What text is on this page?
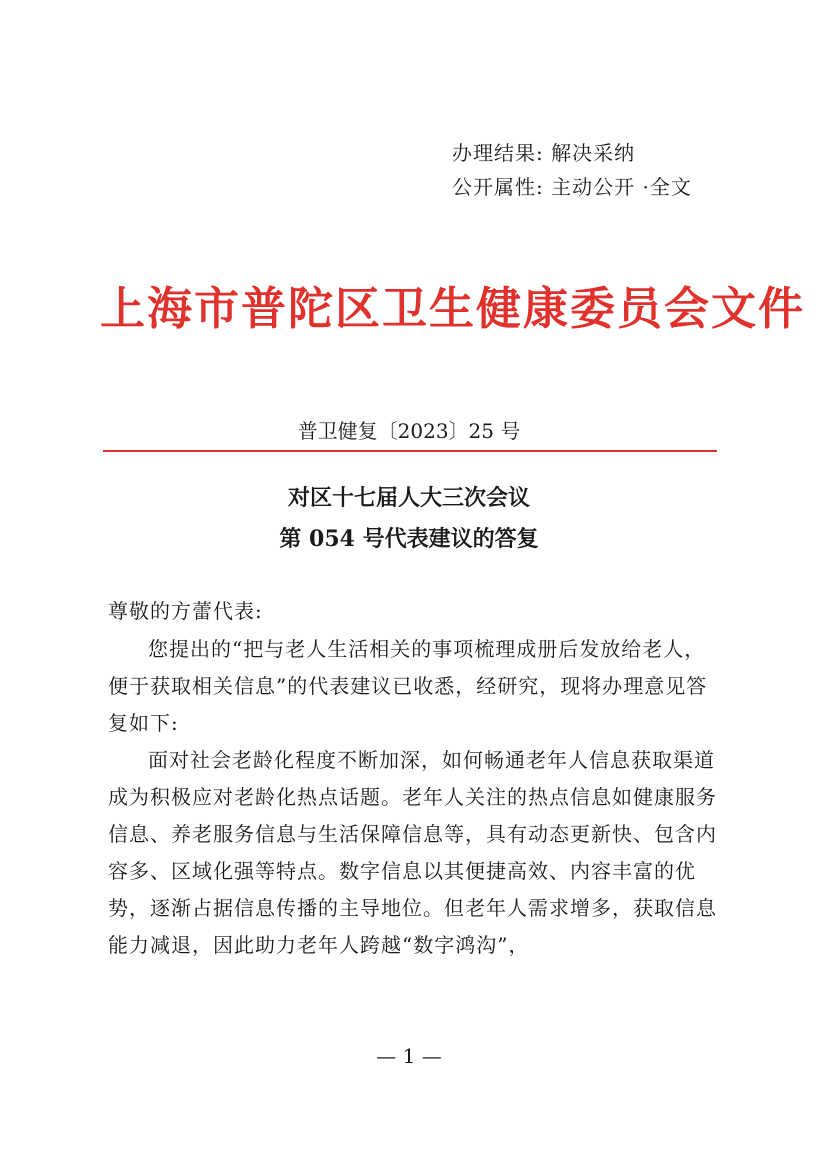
办理结果: 解决采纳
公开属性: 主动公开 ·全文
上海市普陀区卫生健康委员会文件
普卫健复〔2023〕25 号
对区十七届人大三次会议
第 054 号代表建议的答复
尊敬的方蕾代表:
您提出的“把与老人生活相关的事项梳理成册后发放给老人，便于获取相关信息”的代表建议已收悉，经研究，现将办理意见答复如下:
面对社会老龄化程度不断加深，如何畅通老年人信息获取渠道成为积极应对老龄化热点话题。老年人关注的热点信息如健康服务信息、养老服务信息与生活保障信息等，具有动态更新快、包含内容多、区域化强等特点。数字信息以其便捷高效、内容丰富的优势，逐渐占据信息传播的主导地位。但老年人需求增多，获取信息能力减退，因此助力老年人跨越“数字鸿沟”，
— 1 —
